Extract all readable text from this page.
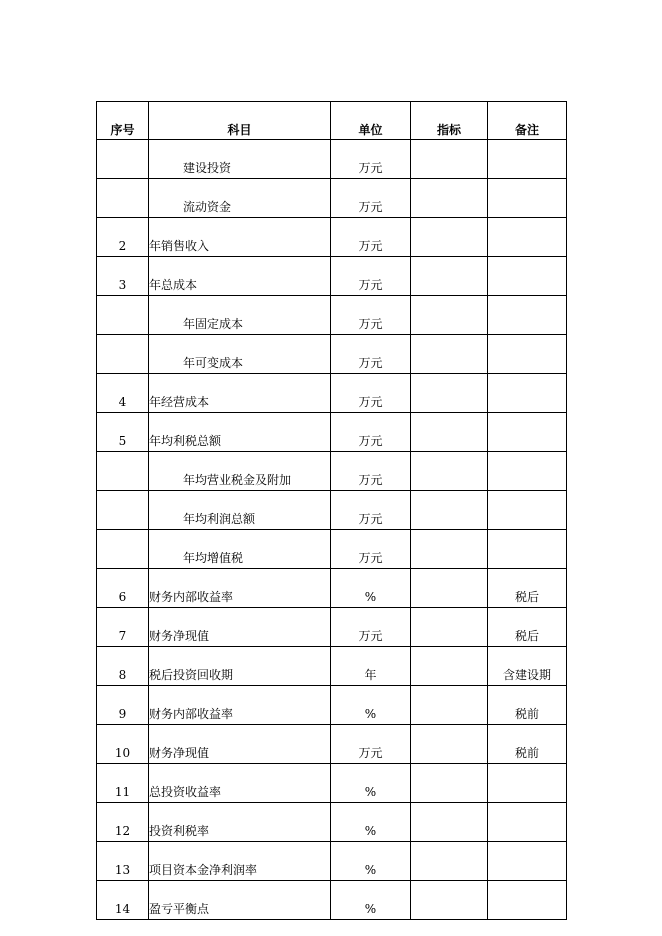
序号	科目	单位	指标	备注
	建设投资	万元		
	流动资金	万元		
2	年销售收入	万元		
3	年总成本	万元		
	年固定成本	万元		
	年可变成本	万元		
4	年经营成本	万元		
5	年均利税总额	万元		
	年均营业税金及附加	万元		
	年均利润总额	万元		
	年均增值税	万元		
6	财务内部收益率	%		税后
7	财务净现值	万元		税后
8	税后投资回收期	年		含建设期
9	财务内部收益率	%		税前
10	财务净现值	万元		税前
11	总投资收益率	%		
12	投资利税率	%		
13	项目资本金净利润率	%		
14	盈亏平衡点	%		
